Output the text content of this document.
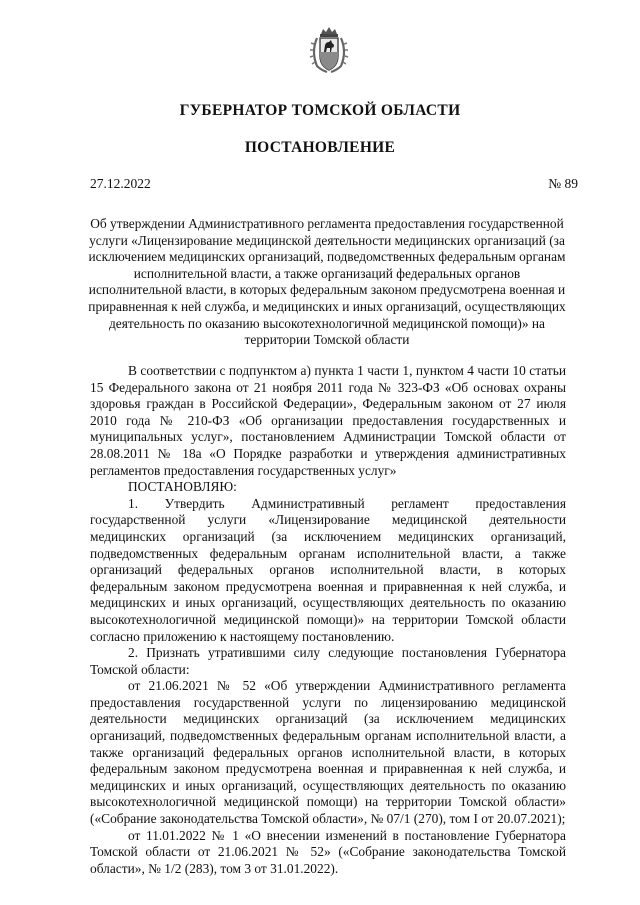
ГУБЕРНАТОР ТОМСКОЙ ОБЛАСТИ
ПОСТАНОВЛЕНИЕ
27.12.2022	№ 89
Об утверждении Административного регламента предоставления государственной услуги «Лицензирование медицинской деятельности медицинских организаций (за исключением медицинских организаций, подведомственных федеральным органам исполнительной власти, а также организаций федеральных органов исполнительной власти, в которых федеральным законом предусмотрена военная и приравненная к ней служба, и медицинских и иных организаций, осуществляющих деятельность по оказанию высокотехнологичной медицинской помощи)» на территории Томской области

В соответствии с подпунктом а) пункта 1 части 1, пунктом 4 части 10 статьи 15 Федерального закона от 21 ноября 2011 года № 323-ФЗ «Об основах охраны здоровья граждан в Российской Федерации», Федеральным законом от 27 июля 2010 года № 210-ФЗ «Об организации предоставления государственных и муниципальных услуг», постановлением Администрации Томской области от 28.08.2011 № 18а «О Порядке разработки и утверждения административных регламентов предоставления государственных услуг»

ПОСТАНОВЛЯЮ:

1. Утвердить Административный регламент предоставления государственной услуги «Лицензирование медицинской деятельности медицинских организаций (за исключением медицинских организаций, подведомственных федеральным органам исполнительной власти, а также организаций федеральных органов исполнительной власти, в которых федеральным законом предусмотрена военная и приравненная к ней служба, и медицинских и иных организаций, осуществляющих деятельность по оказанию высокотехнологичной медицинской помощи)» на территории Томской области согласно приложению к настоящему постановлению.

2. Признать утратившими силу следующие постановления Губернатора Томской области:

от 21.06.2021 № 52 «Об утверждении Административного регламента предоставления государственной услуги по лицензированию медицинской деятельности медицинских организаций (за исключением медицинских организаций, подведомственных федеральным органам исполнительной власти, а также организаций федеральных органов исполнительной власти, в которых федеральным законом предусмотрена военная и приравненная к ней служба, и медицинских и иных организаций, осуществляющих деятельность по оказанию высокотехнологичной медицинской помощи) на территории Томской области» («Собрание законодательства Томской области», № 07/1 (270), том I от 20.07.2021);

от 11.01.2022 № 1 «О внесении изменений в постановление Губернатора Томской области от 21.06.2021 № 52» («Собрание законодательства Томской области», № 1/2 (283), том 3 от 31.01.2022).
